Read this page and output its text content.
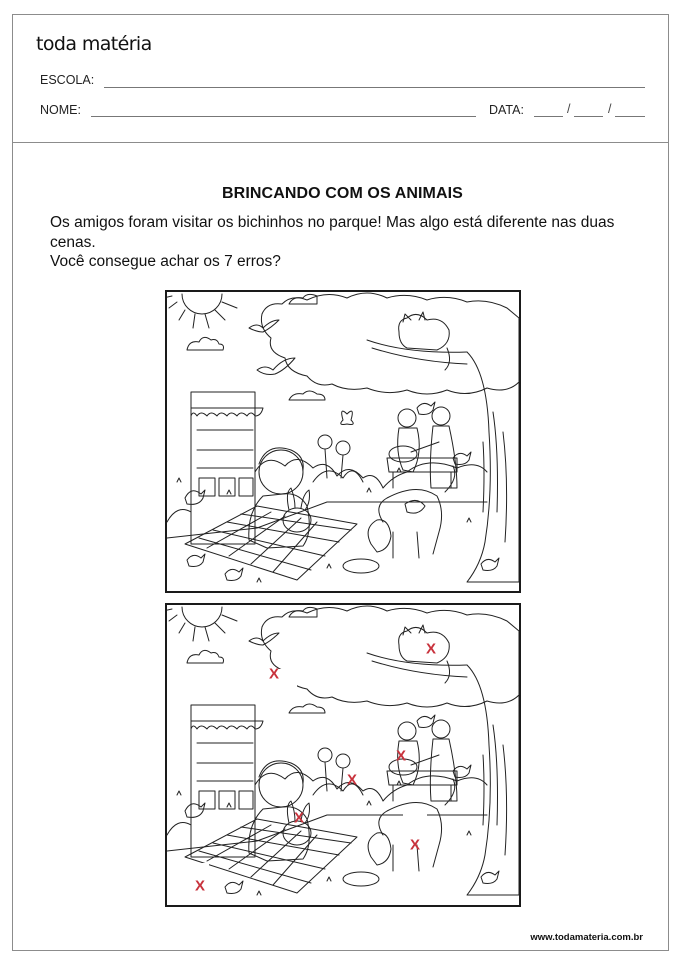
toda matéria
ESCOLA:
NOME:	DATA:	/	/
BRINCANDO COM OS ANIMAIS

Os amigos foram visitar os bichinhos no parque! Mas algo está diferente nas duas cenas.

Você consegue achar os 7 erros?

X
X
X
X
X
X
X
www.todamateria.com.br
